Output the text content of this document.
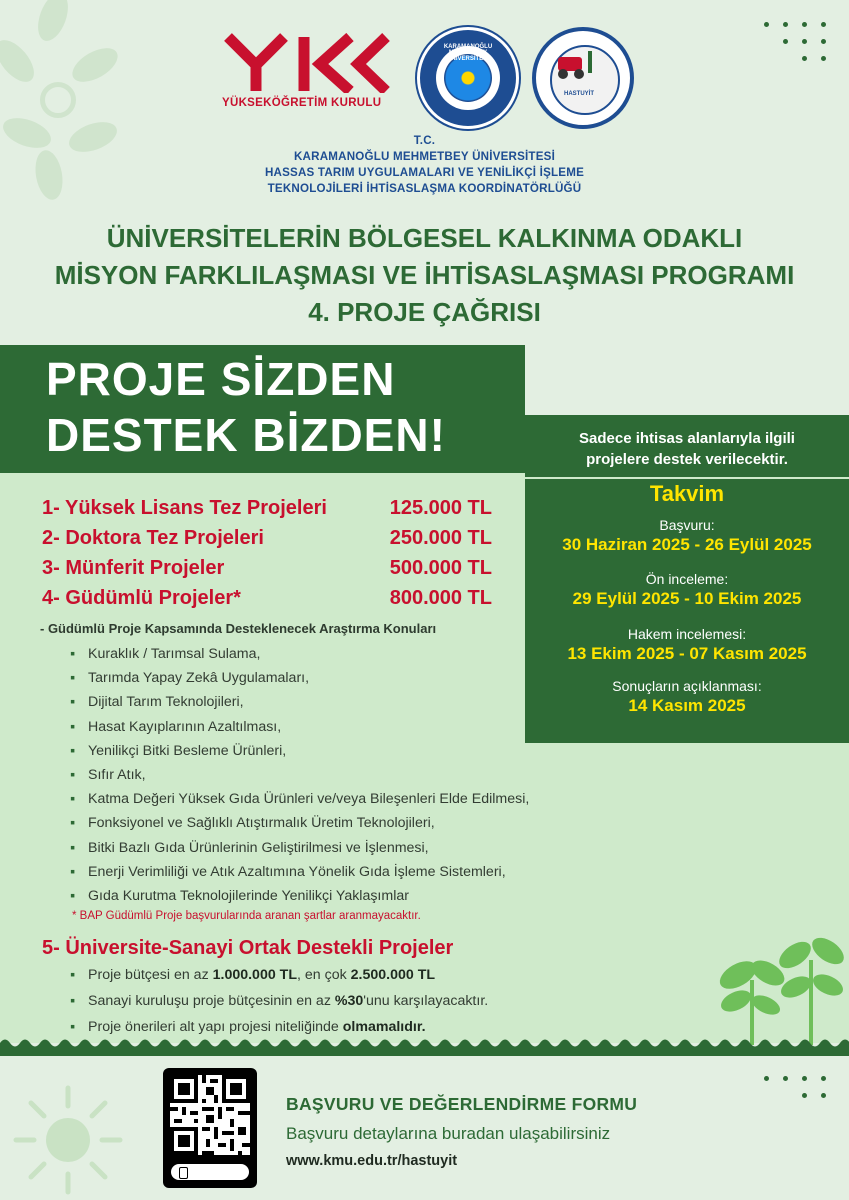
YÜKSEKÖĞRETİM KURULU
KARAMANOĞLU MEHMETBEY ÜNİVERSİTESİ
HASTUYİT
T.C.
KARAMANOĞLU MEHMETBEY ÜNİVERSİTESİ
HASSAS TARIM UYGULAMALARI VE YENİLİKÇİ İŞLEME
TEKNOLOJİLERİ İHTİSASLAŞMA KOORDİNATÖRLÜĞÜ
ÜNİVERSİTELERİN BÖLGESEL KALKINMA ODAKLI
MİSYON FARKLILAŞMASI VE İHTİSASLAŞMASI PROGRAMI
4. PROJE ÇAĞRISI
PROJE SİZDEN
DESTEK BİZDEN!	Sadece ihtisas alanlarıyla ilgili
projelere destek verilecektir.
Takvim
Başvuru:
30 Haziran 2025 - 26 Eylül 2025
Ön inceleme:
29 Eylül 2025 - 10 Ekim 2025
Hakem incelemesi:
13 Ekim 2025 - 07 Kasım 2025
Sonuçların açıklanması:
14 Kasım 2025
1- Yüksek Lisans Tez Projeleri	125.000 TL
2- Doktora Tez Projeleri	250.000 TL
3- Münferit Projeler	500.000 TL
4- Güdümlü Projeler*	800.000 TL
- Güdümlü Proje Kapsamında Desteklenecek Araştırma Konuları
▪ Kuraklık / Tarımsal Sulama,
▪ Tarımda Yapay Zekâ Uygulamaları,
▪ Dijital Tarım Teknolojileri,
▪ Hasat Kayıplarının Azaltılması,
▪ Yenilikçi Bitki Besleme Ürünleri,
▪ Sıfır Atık,
▪ Katma Değeri Yüksek Gıda Ürünleri ve/veya Bileşenleri Elde Edilmesi,
▪ Fonksiyonel ve Sağlıklı Atıştırmalık Üretim Teknolojileri,
▪ Bitki Bazlı Gıda Ürünlerinin Geliştirilmesi ve İşlenmesi,
▪ Enerji Verimliliği ve Atık Azaltımına Yönelik Gıda İşleme Sistemleri,
▪ Gıda Kurutma Teknolojilerinde Yenilikçi Yaklaşımlar
* BAP Güdümlü Proje başvurularında aranan şartlar aranmayacaktır.
5- Üniversite-Sanayi Ortak Destekli Projeler
▪ Proje bütçesi en az 1.000.000 TL, en çok 2.500.000 TL
▪ Sanayi kuruluşu proje bütçesinin en az %30'unu karşılayacaktır.
▪ Proje önerileri alt yapı projesi niteliğinde olmamalıdır.
BAŞVURU VE DEĞERLENDİRME FORMU
Başvuru detaylarına buradan ulaşabilirsiniz
www.kmu.edu.tr/hastuyit
